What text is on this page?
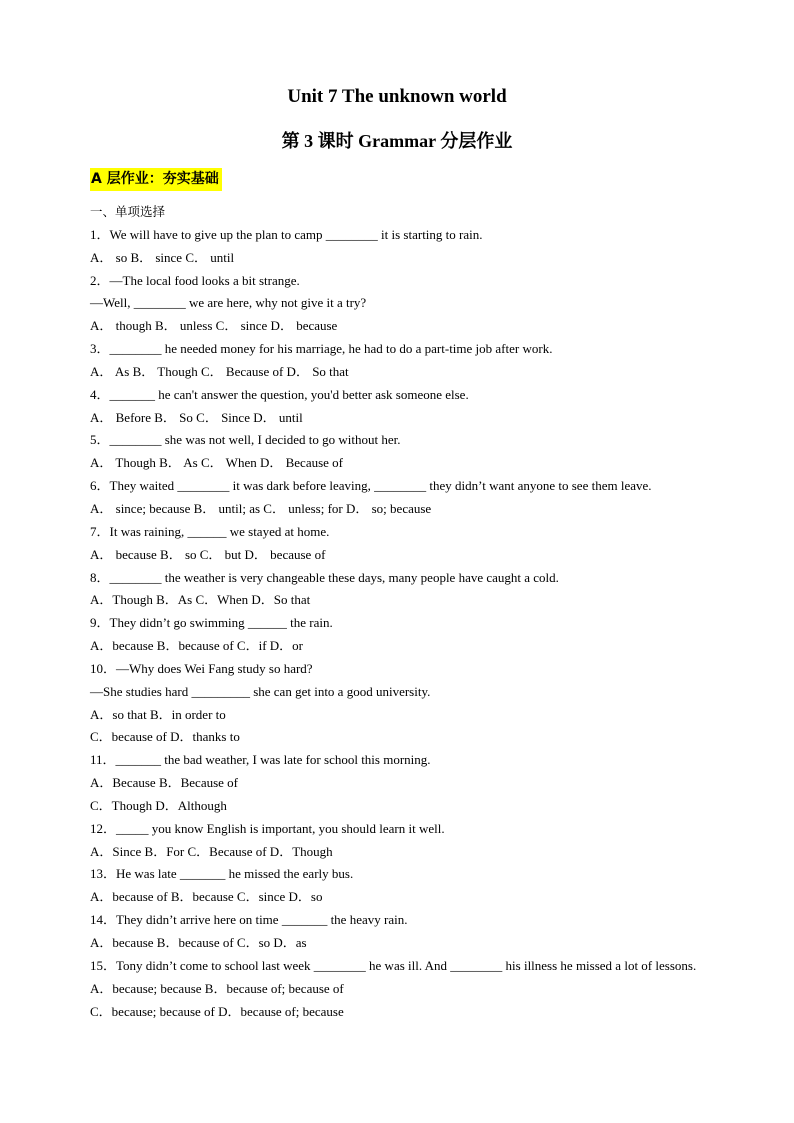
Unit 7 The unknown world
第 3 课时 Grammar 分层作业
A 层作业：夯实基础
一、单项选择
1．We will have to give up the plan to camp ________ it is starting to rain.
A． so B． since C． until
2．—The local food looks a bit strange.
—Well, ________ we are here, why not give it a try?
A． though B． unless C． since D． because
3．________ he needed money for his marriage, he had to do a part-time job after work.
A． As B． Though C． Because of D． So that
4．_______ he can't answer the question, you'd better ask someone else.
A． Before B． So C． Since D． until
5．________ she was not well, I decided to go without her.
A． Though B． As C． When D． Because of
6．They waited ________ it was dark before leaving, ________ they didn’t want anyone to see them leave.
A． since; because B． until; as C． unless; for D． so; because
7．It was raining, ______ we stayed at home.
A． because B． so C． but D． because of
8．________ the weather is very changeable these days, many people have caught a cold.
A．Though B．As C．When D．So that
9．They didn’t go swimming ______ the rain.
A．because B．because of C．if D．or
10．—Why does Wei Fang study so hard?
—She studies hard _________ she can get into a good university.
A．so that B．in order to
C．because of D．thanks to
11．_______ the bad weather, I was late for school this morning.
A．Because B．Because of
C．Though D．Although
12．_____ you know English is important, you should learn it well.
A．Since B．For C．Because of D．Though
13．He was late _______ he missed the early bus.
A．because of B．because C．since D．so
14．They didn’t arrive here on time _______ the heavy rain.
A．because B．because of C．so D．as
15．Tony didn’t come to school last week ________ he was ill. And ________ his illness he missed a lot of lessons.
A．because; because B．because of; because of
C．because; because of D．because of; because
